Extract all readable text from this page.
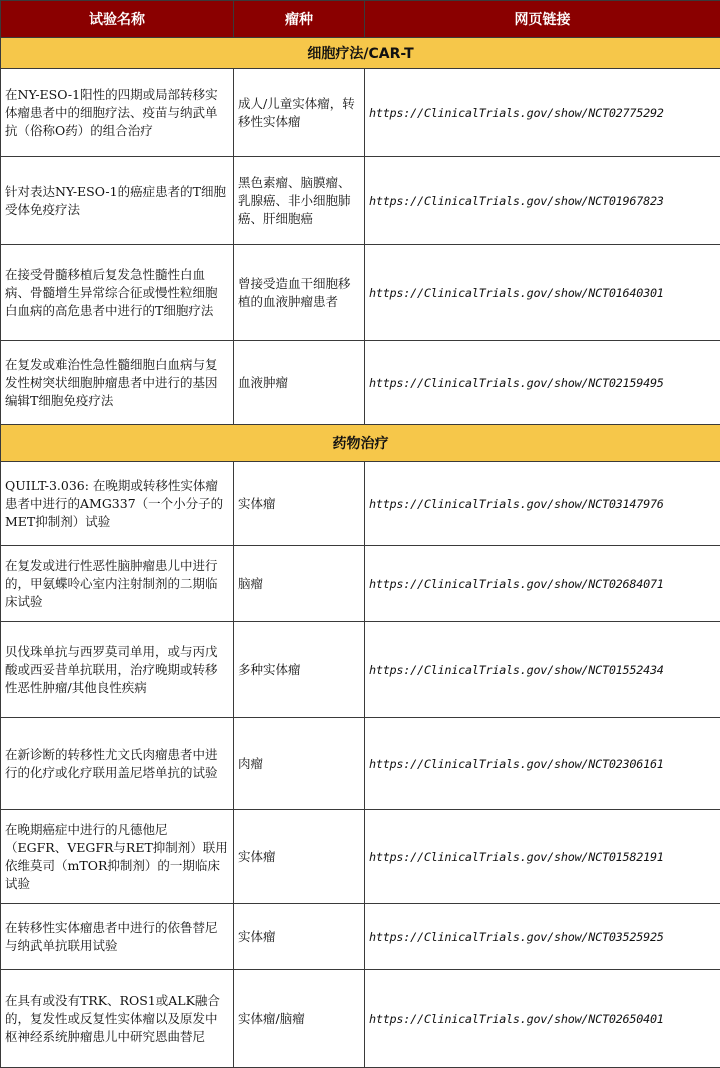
试验名称	瘤种	网页链接
细胞疗法/CAR-T		
在NY-ESO-1阳性的四期或局部转移实体瘤患者中的细胞疗法、疫苗与纳武单抗（俗称O药）的组合治疗	成人/儿童实体瘤，转移性实体瘤	https://ClinicalTrials.gov/show/NCT02775292
针对表达NY-ESO-1的癌症患者的T细胞受体免疫疗法	黑色素瘤、脑膜瘤、乳腺癌、非小细胞肺癌、肝细胞癌	https://ClinicalTrials.gov/show/NCT01967823
在接受骨髓移植后复发急性髓性白血病、骨髓增生异常综合征或慢性粒细胞白血病的高危患者中进行的T细胞疗法	曾接受造血干细胞移植的血液肿瘤患者	https://ClinicalTrials.gov/show/NCT01640301
在复发或难治性急性髓细胞白血病与复发性树突状细胞肿瘤患者中进行的基因编辑T细胞免疫疗法	血液肿瘤	https://ClinicalTrials.gov/show/NCT02159495
药物治疗		
QUILT-3.036: 在晚期或转移性实体瘤患者中进行的AMG337（一个小分子的MET抑制剂）试验	实体瘤	https://ClinicalTrials.gov/show/NCT03147976
在复发或进行性恶性脑肿瘤患儿中进行的，甲氨蝶呤心室内注射制剂的二期临床试验	脑瘤	https://ClinicalTrials.gov/show/NCT02684071
贝伐珠单抗与西罗莫司单用，或与丙戊酸或西妥昔单抗联用，治疗晚期或转移性恶性肿瘤/其他良性疾病	多种实体瘤	https://ClinicalTrials.gov/show/NCT01552434
在新诊断的转移性尤文氏肉瘤患者中进行的化疗或化疗联用盖尼塔单抗的试验	肉瘤	https://ClinicalTrials.gov/show/NCT02306161
在晚期癌症中进行的凡德他尼（EGFR、VEGFR与RET抑制剂）联用依维莫司（mTOR抑制剂）的一期临床试验	实体瘤	https://ClinicalTrials.gov/show/NCT01582191
在转移性实体瘤患者中进行的依鲁替尼与纳武单抗联用试验	实体瘤	https://ClinicalTrials.gov/show/NCT03525925
在具有或没有TRK、ROS1或ALK融合的，复发性或反复性实体瘤以及原发中枢神经系统肿瘤患儿中研究恩曲替尼	实体瘤/脑瘤	https://ClinicalTrials.gov/show/NCT02650401
